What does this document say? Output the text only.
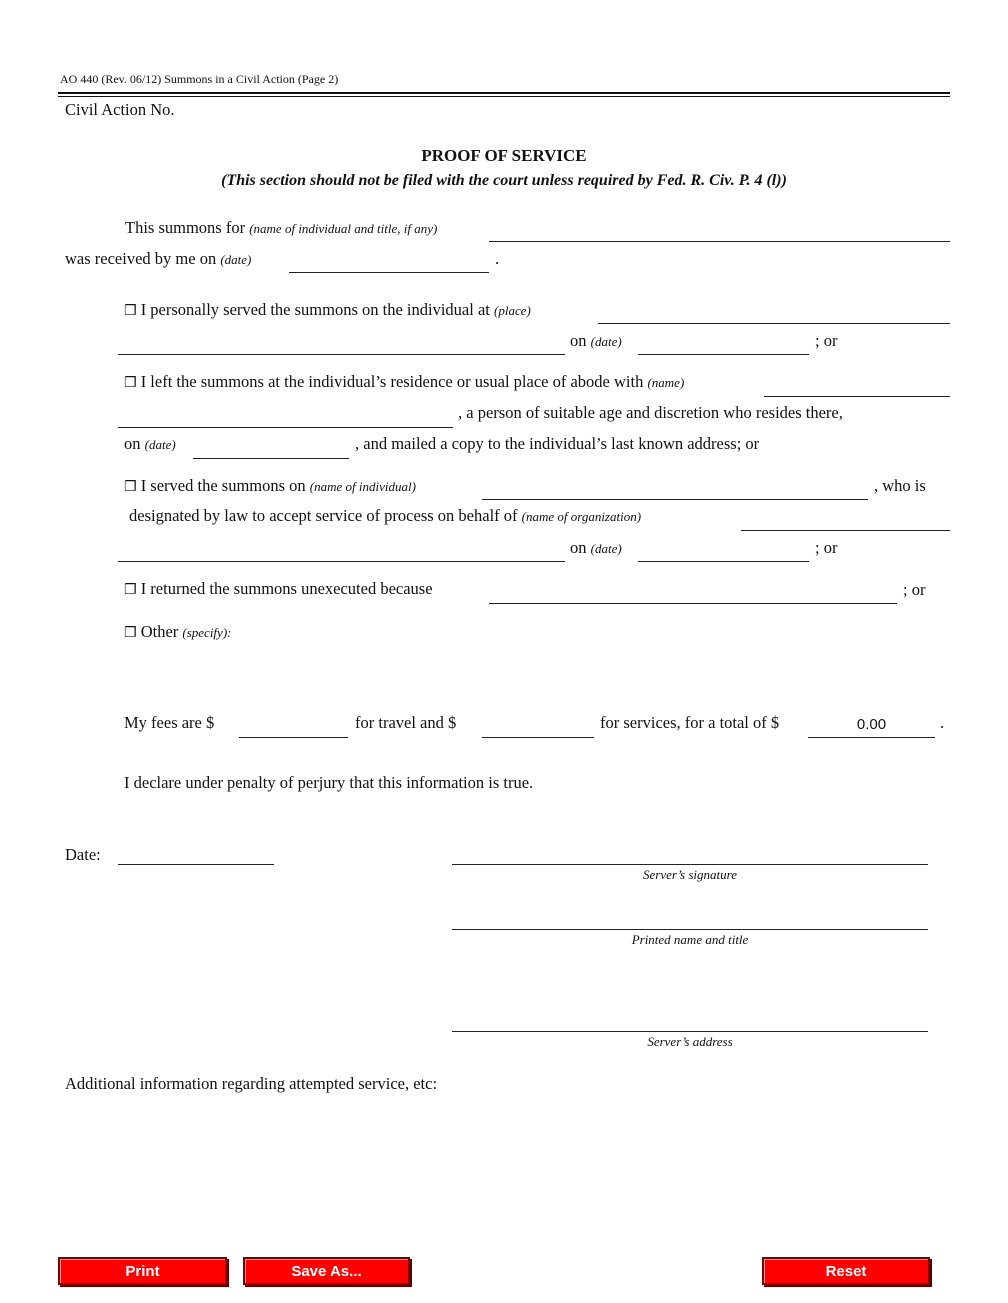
AO 440 (Rev. 06/12) Summons in a Civil Action (Page 2)
Civil Action No.
PROOF OF SERVICE
(This section should not be filed with the court unless required by Fed. R. Civ. P. 4 (l))
This summons for (name of individual and title, if any)
was received by me on (date)	.
❒ I personally served the summons on the individual at (place)
on (date)	; or
❒ I left the summons at the individual’s residence or usual place of abode with (name)
, a person of suitable age and discretion who resides there,
on (date)	, and mailed a copy to the individual’s last known address; or
❒ I served the summons on (name of individual)	, who is
designated by law to accept service of process on behalf of (name of organization)
on (date)	; or
❒ I returned the summons unexecuted because	; or
❒ Other (specify):
My fees are $	for travel and $	for services, for a total of $	0.00	.
I declare under penalty of perjury that this information is true.
Date:
Server’s signature
Printed name and title
Server’s address
Additional information regarding attempted service, etc:
Print	Save As...	Reset
